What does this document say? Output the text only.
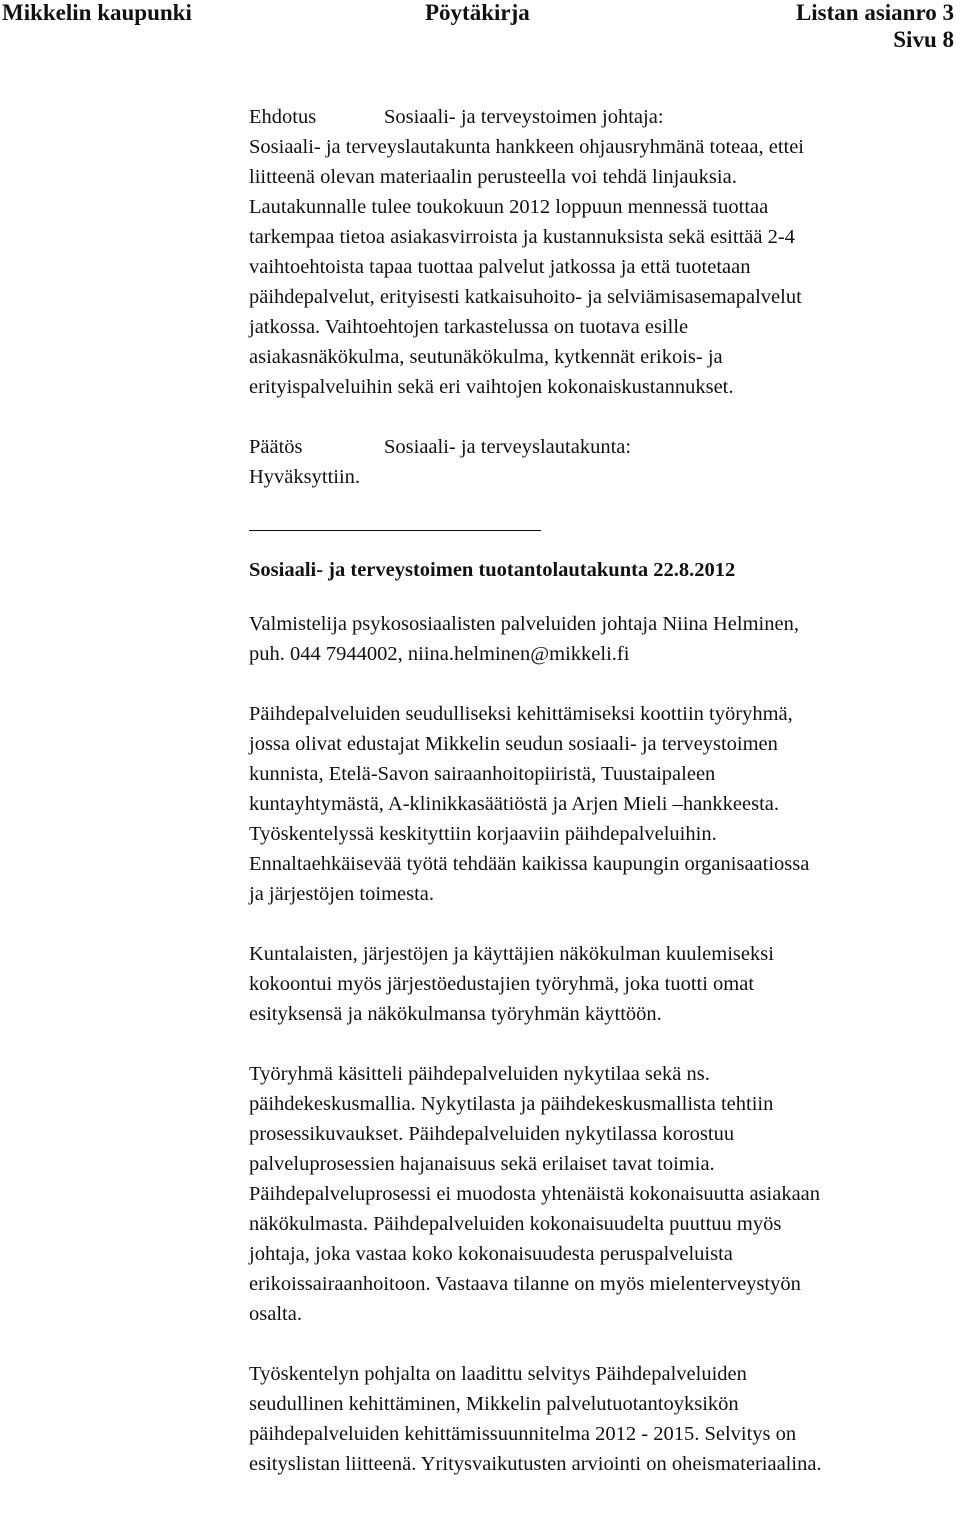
Mikkelin kaupunki	Pöytäkirja	Listan asianro 3
Sivu 8
Ehdotus	Sosiaali- ja terveystoimen johtaja:
Sosiaali- ja terveyslautakunta hankkeen ohjausryhmänä toteaa, ettei
liitteenä olevan materiaalin perusteella voi tehdä linjauksia.
Lautakunnalle tulee toukokuun 2012 loppuun mennessä tuottaa
tarkempaa tietoa asiakasvirroista ja kustannuksista sekä esittää 2-4
vaihtoehtoista tapaa tuottaa palvelut jatkossa ja että tuotetaan
päihdepalvelut, erityisesti katkaisuhoito- ja selviämisasemapalvelut
jatkossa. Vaihtoehtojen tarkastelussa on tuotava esille
asiakasnäkökulma, seutunäkökulma, kytkennät erikois- ja
erityispalveluihin sekä eri vaihtojen kokonaiskustannukset.
Päätös	Sosiaali- ja terveyslautakunta:
Hyväksyttiin.
Sosiaali- ja terveystoimen tuotantolautakunta 22.8.2012
Valmistelija psykososiaalisten palveluiden johtaja Niina Helminen,
puh. 044 7944002, niina.helminen@mikkeli.fi
Päihdepalveluiden seudulliseksi kehittämiseksi koottiin työryhmä,
jossa olivat edustajat Mikkelin seudun sosiaali- ja terveystoimen
kunnista, Etelä-Savon sairaanhoitopiiristä, Tuustaipaleen
kuntayhtymästä, A-klinikkasäätiöstä ja Arjen Mieli –hankkeesta.
Työskentelyssä keskityttiin korjaaviin päihdepalveluihin.
Ennaltaehkäisevää työtä tehdään kaikissa kaupungin organisaatiossa
ja järjestöjen toimesta.
Kuntalaisten, järjestöjen ja käyttäjien näkökulman kuulemiseksi
kokoontui myös järjestöedustajien työryhmä, joka tuotti omat
esityksensä ja näkökulmansa työryhmän käyttöön.
Työryhmä käsitteli päihdepalveluiden nykytilaa sekä ns.
päihdekeskusmallia. Nykytilasta ja päihdekeskusmallista tehtiin
prosessikuvaukset. Päihdepalveluiden nykytilassa korostuu
palveluprosessien hajanaisuus sekä erilaiset tavat toimia.
Päihdepalveluprosessi ei muodosta yhtenäistä kokonaisuutta asiakaan
näkökulmasta. Päihdepalveluiden kokonaisuudelta puuttuu myös
johtaja, joka vastaa koko kokonaisuudesta peruspalveluista
erikoissairaanhoitoon. Vastaava tilanne on myös mielenterveystyön
osalta.
Työskentelyn pohjalta on laadittu selvitys Päihdepalveluiden
seudullinen kehittäminen, Mikkelin palvelutuotantoyksikön
päihdepalveluiden kehittämissuunnitelma 2012 - 2015. Selvitys on
esityslistan liitteenä. Yritysvaikutusten arviointi on oheismateriaalina.
